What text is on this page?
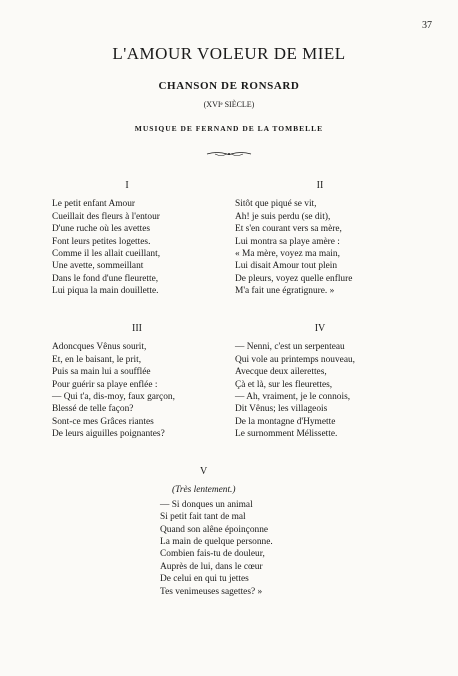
37
L'AMOUR VOLEUR DE MIEL
CHANSON DE RONSARD
(XVIᵉ SIÈCLE)
MUSIQUE DE FERNAND DE LA TOMBELLE
I
Le petit enfant Amour
Cueillait des fleurs à l'entour
D'une ruche où les avettes
Font leurs petites logettes.
Comme il les allait cueillant,
Une avette, sommeillant
Dans le fond d'une fleurette,
Lui piqua la main douillette.
II
Sitôt que piqué se vit,
Ah! je suis perdu (se dit),
Et s'en courant vers sa mère,
Lui montra sa playe amère :
« Ma mère, voyez ma main,
Lui disait Amour tout plein
De pleurs, voyez quelle enflure
M'a fait une égratignure. »
III
Adoncques Vênus sourit,
Et, en le baisant, le prit,
Puis sa main lui a soufflée
Pour guérir sa playe enflée :
— Qui t'a, dis-moy, faux garçon,
Blessé de telle façon?
Sont-ce mes Grâces riantes
De leurs aiguilles poignantes?
IV
— Nenni, c'est un serpenteau
Qui vole au printemps nouveau,
Avecque deux ailerettes,
Çà et là, sur les fleurettes,
— Ah, vraiment, je le connois,
Dit Vênus; les villageois
De la montagne d'Hymette
Le surnomment Mélissette.
V
(Très lentement.)
— Si donques un animal
Si petit fait tant de mal
Quand son alêne époinçonne
La main de quelque personne.
Combien fais-tu de douleur,
Auprès de lui, dans le cœur
De celui en qui tu jettes
Tes venimeuses sagettes? »
